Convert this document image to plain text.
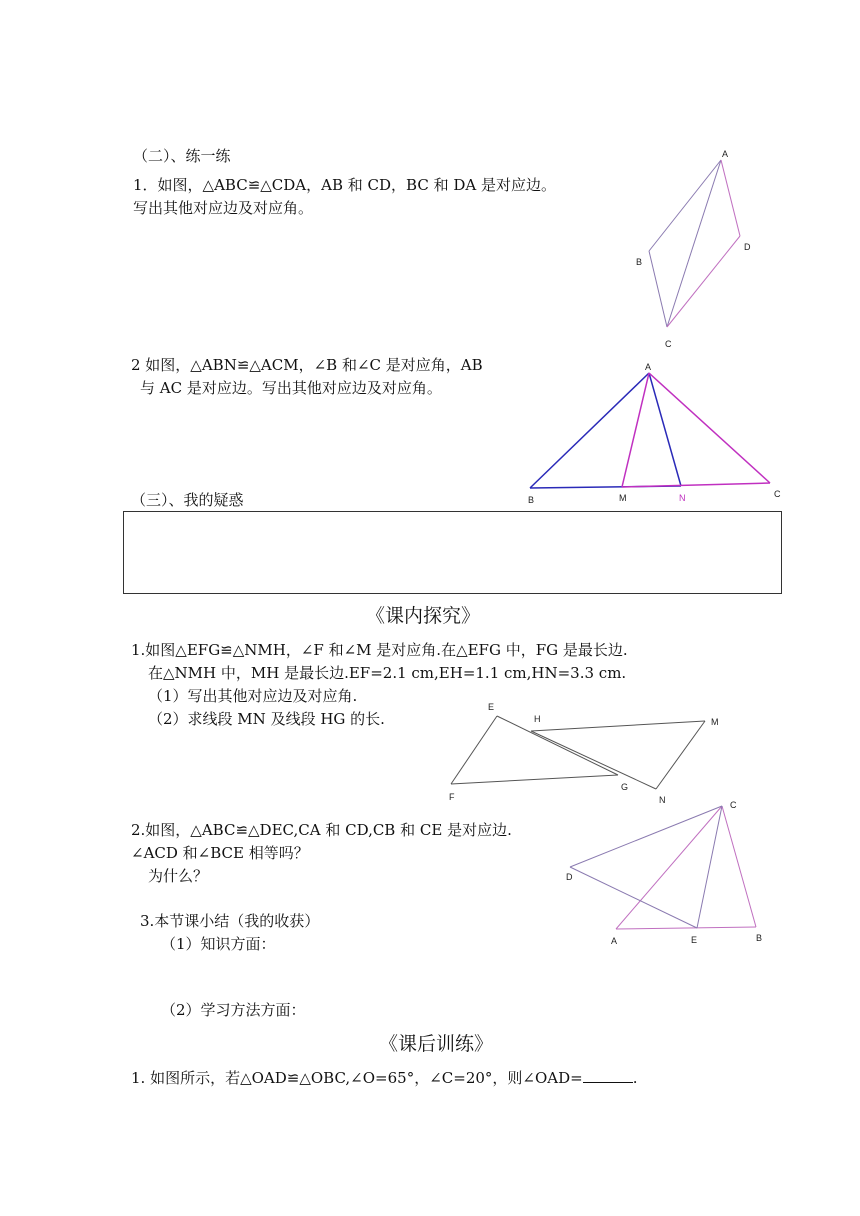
（二）、练一练
1．如图，△ABC≌△CDA，AB 和 CD，BC 和 DA 是对应边。
写出其他对应边及对应角。
2 如图，△ABN≌△ACM，∠B 和∠C 是对应角，AB
与 AC 是对应边。写出其他对应边及对应角。
（三）、我的疑惑
《课内探究》
1.如图△EFG≌△NMH，∠F 和∠M 是对应角.在△EFG 中，FG 是最长边.
在△NMH 中，MH 是最长边.EF=2.1 cm,EH=1.1 cm,HN=3.3 cm.
（1）写出其他对应边及对应角.
（2）求线段 MN 及线段 HG 的长.
2.如图，△ABC≌△DEC,CA 和 CD,CB 和 CE 是对应边.
∠ACD 和∠BCE 相等吗？
为什么？
3.本节课小结（我的收获）
（1）知识方面：
（2）学习方法方面：
《课后训练》
1. 如图所示，若△OAD≌△OBC,∠O=65°，∠C=20°，则∠OAD=	.
A
B
C
D
A
B	M	N	C
E
H	M
F
G
N	C
D
A	E	B
